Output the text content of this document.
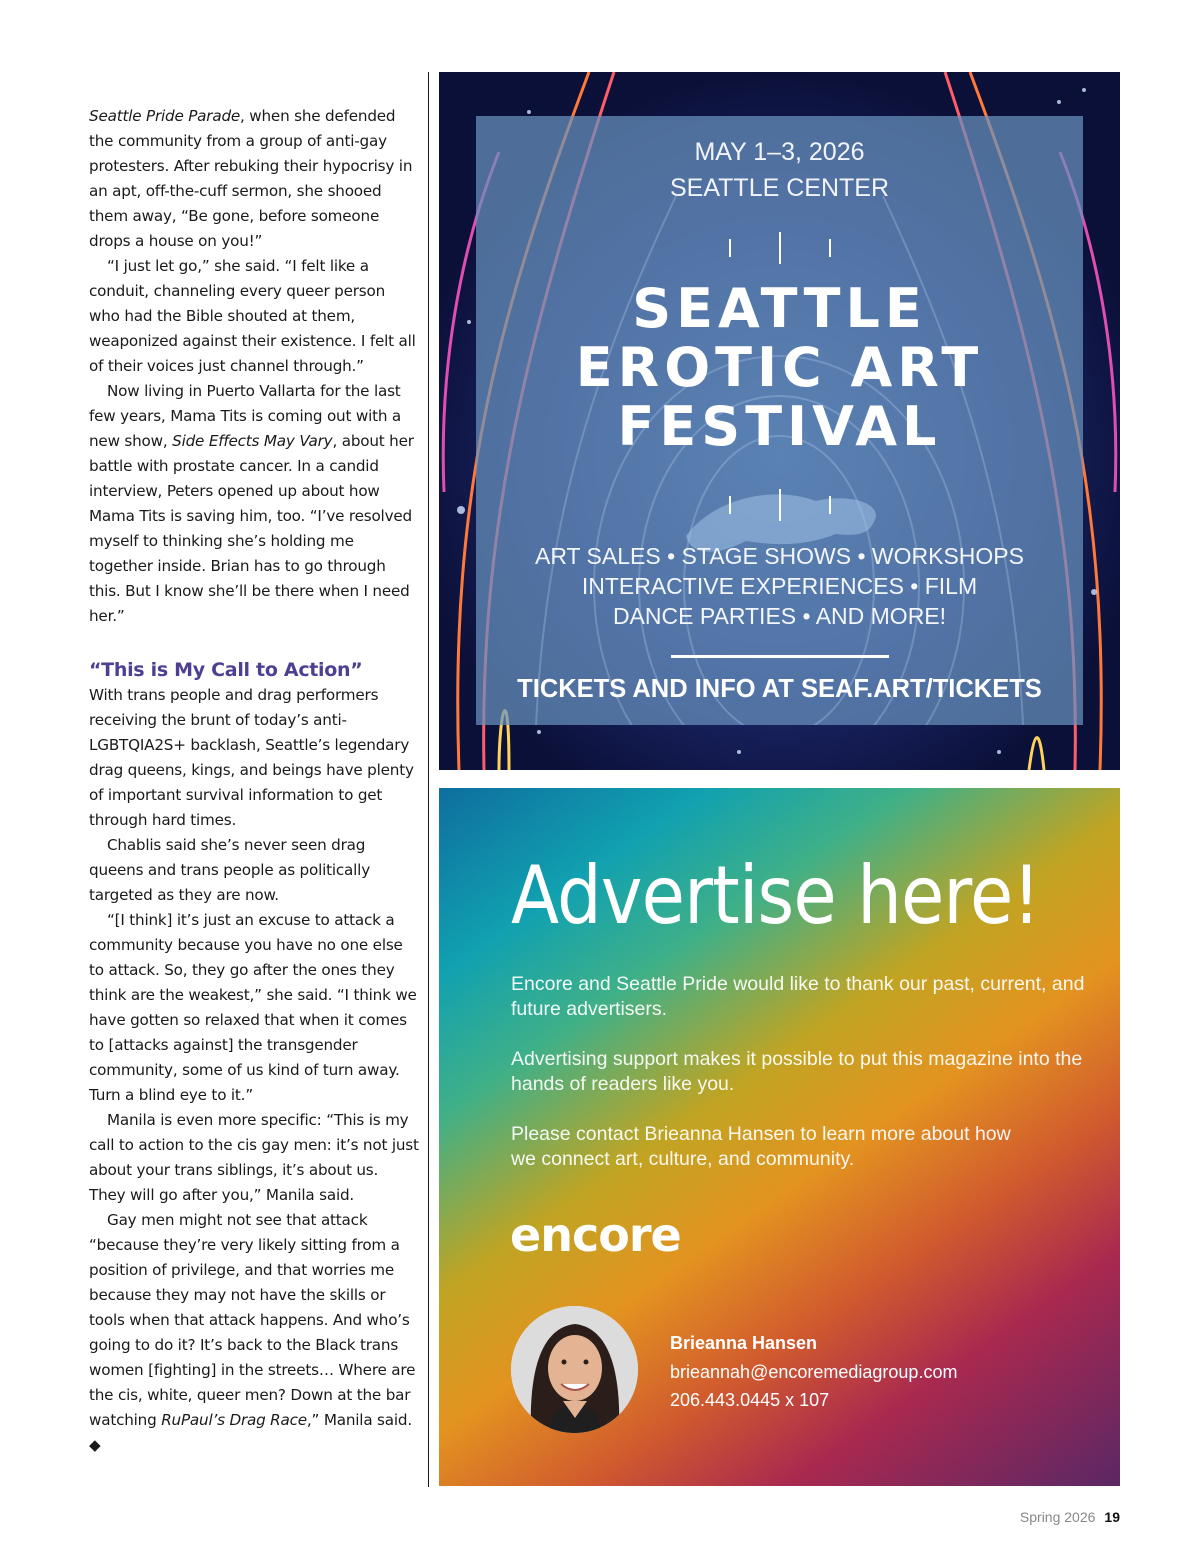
Seattle Pride Parade, when she defended the community from a group of anti-gay protesters. After rebuking their hypocrisy in an apt, off-the-cuff sermon, she shooed them away, “Be gone, before someone drops a house on you!”

“I just let go,” she said. “I felt like a conduit, channeling every queer person who had the Bible shouted at them, weaponized against their existence. I felt all of their voices just channel through.”

Now living in Puerto Vallarta for the last few years, Mama Tits is coming out with a new show, Side Effects May Vary, about her battle with prostate cancer. In a candid interview, Peters opened up about how Mama Tits is saving him, too. “I’ve resolved myself to thinking she’s holding me together inside. Brian has to go through this. But I know she’ll be there when I need her.”

“This is My Call to Action”

With trans people and drag performers receiving the brunt of today’s anti-LGBTQIA2S+ backlash, Seattle’s legendary drag queens, kings, and beings have plenty of important survival information to get through hard times.

Chablis said she’s never seen drag queens and trans people as politically targeted as they are now.

“[I think] it’s just an excuse to attack a community because you have no one else to attack. So, they go after the ones they think are the weakest,” she said. “I think we have gotten so relaxed that when it comes to [attacks against] the transgender community, some of us kind of turn away. Turn a blind eye to it.”

Manila is even more specific: “This is my call to action to the cis gay men: it’s not just about your trans siblings, it’s about us. They will go after you,” Manila said.

Gay men might not see that attack “because they’re very likely sitting from a position of privilege, and that worries me because they may not have the skills or tools when that attack happens. And who’s going to do it? It’s back to the Black trans women [fighting] in the streets… Where are the cis, white, queer men? Down at the bar watching RuPaul’s Drag Race,” Manila said. ◆

MAY 1–3, 2026
SEATTLE CENTER
SEATTLE
EROTIC ART
FESTIVAL
ART SALES • STAGE SHOWS • WORKSHOPS
INTERACTIVE EXPERIENCES • FILM
DANCE PARTIES • AND MORE!
TICKETS AND INFO AT SEAF.ART/TICKETS
Advertise here!
Encore and Seattle Pride would like to thank our past, current, and future advertisers.
Advertising support makes it possible to put this magazine into the hands of readers like you.
Please contact Brieanna Hansen to learn more about how we connect art, culture, and community.
encore
Brieanna Hansen
brieannah@encoremediagroup.com
206.443.0445 x 107
Spring 2026 19
